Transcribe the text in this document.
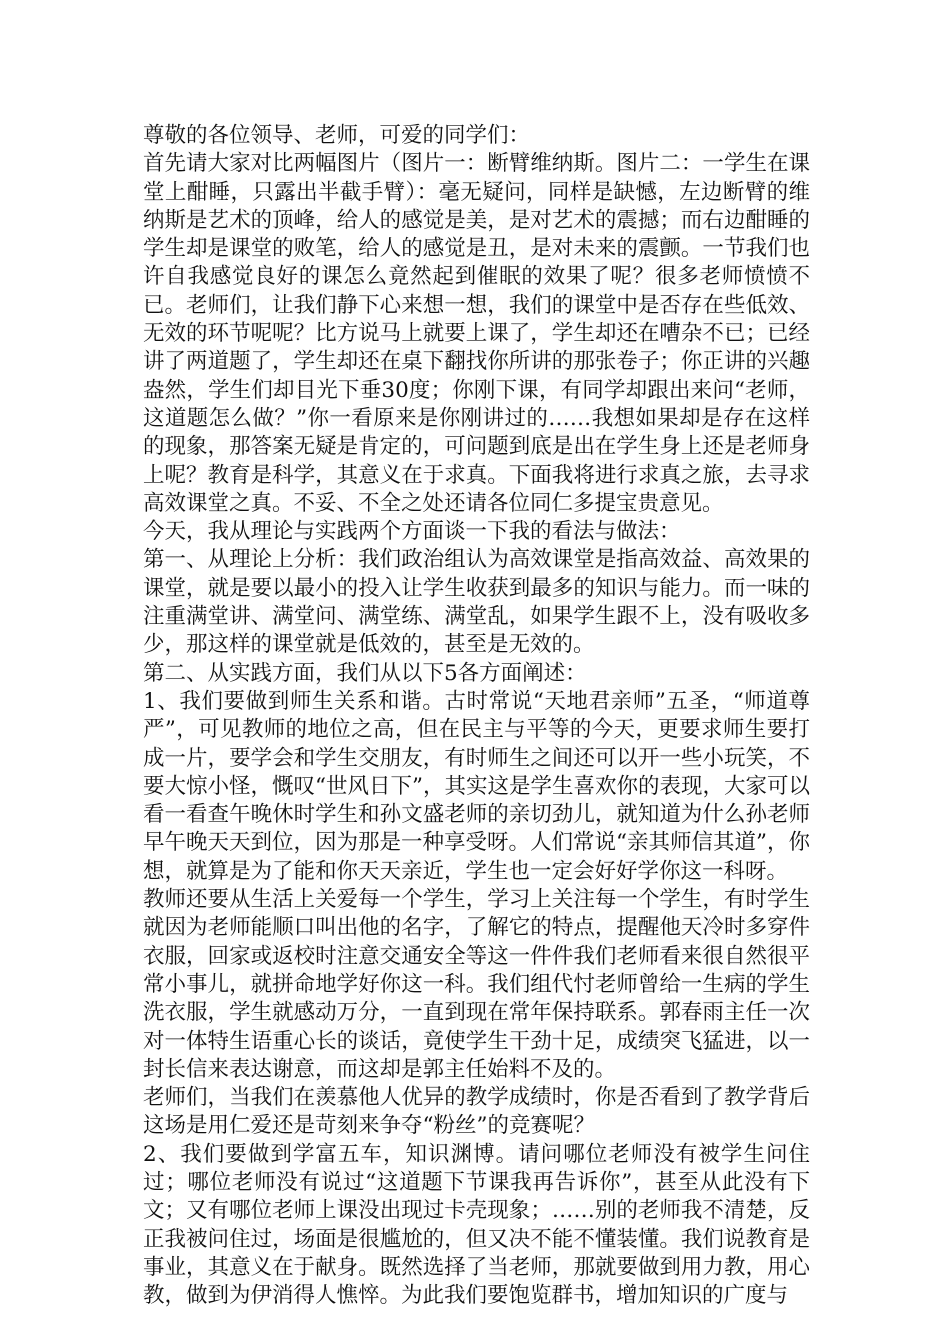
尊敬的各位领导、老师，可爱的同学们：

首先请大家对比两幅图片（图片一：断臂维纳斯。图片二：一学生在课堂上酣睡，只露出半截手臂）：毫无疑问，同样是缺憾，左边断臂的维纳斯是艺术的顶峰，给人的感觉是美，是对艺术的震撼；而右边酣睡的学生却是课堂的败笔，给人的感觉是丑，是对未来的震颤。一节我们也许自我感觉良好的课怎么竟然起到催眠的效果了呢？很多老师愤愤不已。老师们，让我们静下心来想一想，我们的课堂中是否存在些低效、无效的环节呢呢？比方说马上就要上课了，学生却还在嘈杂不已；已经讲了两道题了，学生却还在桌下翻找你所讲的那张卷子；你正讲的兴趣盎然，学生们却目光下垂30度；你刚下课，有同学却跟出来问“老师，这道题怎么做？”你一看原来是你刚讲过的……我想如果却是存在这样的现象，那答案无疑是肯定的，可问题到底是出在学生身上还是老师身上呢？教育是科学，其意义在于求真。下面我将进行求真之旅，去寻求高效课堂之真。不妥、不全之处还请各位同仁多提宝贵意见。

今天，我从理论与实践两个方面谈一下我的看法与做法：

第一、从理论上分析：我们政治组认为高效课堂是指高效益、高效果的课堂，就是要以最小的投入让学生收获到最多的知识与能力。而一味的注重满堂讲、满堂问、满堂练、满堂乱，如果学生跟不上，没有吸收多少，那这样的课堂就是低效的，甚至是无效的。

第二、从实践方面，我们从以下5各方面阐述：

1、我们要做到师生关系和谐。古时常说“天地君亲师”五圣，“师道尊严”，可见教师的地位之高，但在民主与平等的今天，更要求师生要打成一片，要学会和学生交朋友，有时师生之间还可以开一些小玩笑，不要大惊小怪，慨叹“世风日下”，其实这是学生喜欢你的表现，大家可以看一看查午晚休时学生和孙文盛老师的亲切劲儿，就知道为什么孙老师早午晚天天到位，因为那是一种享受呀。人们常说“亲其师信其道”，你想，就算是为了能和你天天亲近，学生也一定会好好学你这一科呀。

教师还要从生活上关爱每一个学生，学习上关注每一个学生，有时学生就因为老师能顺口叫出他的名字，了解它的特点，提醒他天冷时多穿件衣服，回家或返校时注意交通安全等这一件件我们老师看来很自然很平常小事儿，就拼命地学好你这一科。我们组代忖老师曾给一生病的学生洗衣服，学生就感动万分，一直到现在常年保持联系。郭春雨主任一次对一体特生语重心长的谈话，竟使学生干劲十足，成绩突飞猛进，以一封长信来表达谢意，而这却是郭主任始料不及的。

老师们，当我们在羡慕他人优异的教学成绩时，你是否看到了教学背后这场是用仁爱还是苛刻来争夺“粉丝”的竞赛呢？

2、我们要做到学富五车，知识渊博。请问哪位老师没有被学生问住过；哪位老师没有说过“这道题下节课我再告诉你”，甚至从此没有下文；又有哪位老师上课没出现过卡壳现象；……别的老师我不清楚，反正我被问住过，场面是很尴尬的，但又决不能不懂装懂。我们说教育是事业，其意义在于献身。既然选择了当老师，那就要做到用力教，用心教，做到为伊消得人憔悴。为此我们要饱览群书，增加知识的广度与
